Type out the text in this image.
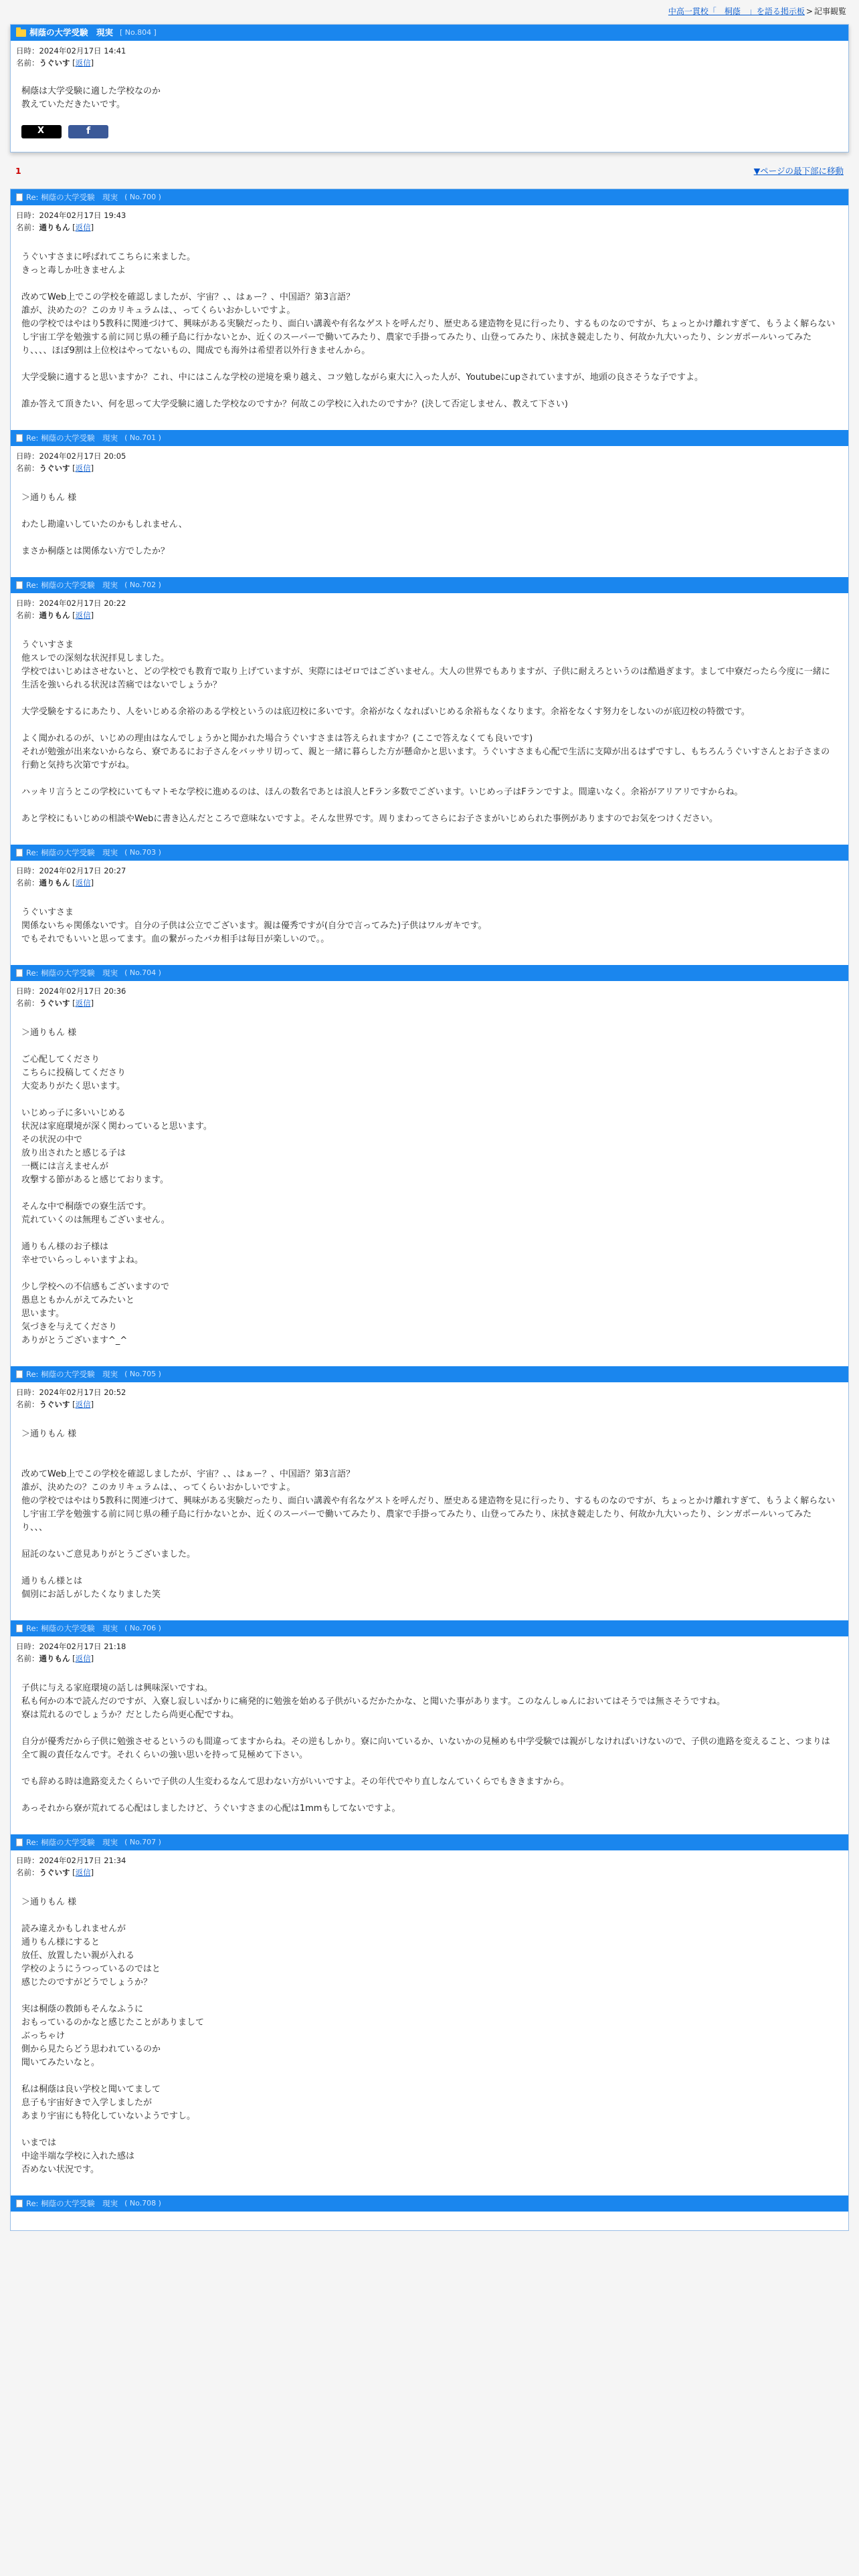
中高一貫校「　桐蔭　」を語る掲示板 > 記事観覧
桐蔭の大学受験　現実 [ No.804 ]
日時：2024年02月17日 14:41
名前：うぐいす [返信]
桐蔭は大学受験に適した学校なのか
教えていただきたいです。
X
f
1	▼ページの最下部に移動
Re: 桐蔭の大学受験　現実 ( No.700 )
日時：2024年02月17日 19:43
名前：通りもん [返信]
うぐいすさまに呼ばれてこちらに来ました。
きっと毒しか吐きませんよ

改めてWeb上でこの学校を確認しましたが、宇宙？、、はぁー？、中国語？第3言語？
誰が、決めたの？このカリキュラムは、、ってくらいおかしいですよ。
他の学校ではやはり5教科に関連づけて、興味がある実験だったり、面白い講義や有名なゲストを呼んだり、歴史ある建造物を見に行ったり、するものなのですが、ちょっとかけ離れすぎて、もうよく解らないし宇宙工学を勉強する前に同じ県の種子島に行かないとか、近くのスーパーで働いてみたり、農家で手掛ってみたり、山登ってみたり、床拭き競走したり、何故か九大いったり、シンガポールいってみたり、、、、ほぼ9割は上位校はやってないもの、聞成でも海外は希望者以外行きませんから。

大学受験に適すると思いますか？これ、中にはこんな学校の逆境を乗り越え、コツ勉しながら東大に入った人が、Youtubeにupされていますが、地頭の良さそうな子ですよ。

誰か答えて頂きたい、何を思って大学受験に適した学校なのですか？何故この学校に入れたのですか？(決して否定しません、教えて下さい)
Re: 桐蔭の大学受験　現実 ( No.701 )
日時：2024年02月17日 20:05
名前：うぐいす [返信]
＞通りもん 様

わたし勘違いしていたのかもしれません、

まさか桐蔭とは関係ない方でしたか？
Re: 桐蔭の大学受験　現実 ( No.702 )
日時：2024年02月17日 20:22
名前：通りもん [返信]
うぐいすさま
他スレでの深刻な状況拝見しました。
学校ではいじめはさせないと、どの学校でも教育で取り上げていますが、実際にはゼロではございません。大人の世界でもありますが、子供に耐えろというのは酷過ぎます。まして中寮だったら今度に一緒に生活を強いられる状況は苦痛ではないでしょうか？

大学受験をするにあたり、人をいじめる余裕のある学校というのは底辺校に多いです。余裕がなくなればいじめる余裕もなくなります。余裕をなくす努力をしないのが底辺校の特徴です。

よく聞かれるのが、いじめの理由はなんでしょうかと聞かれた場合うぐいすさまは答えられますか？(ここで答えなくても良いです)
それが勉強が出来ないからなら、寮であるにお子さんをバッサリ切って、親と一緒に暮らした方が懸命かと思います。うぐいすさまも心配で生活に支障が出るはずですし、もちろんうぐいすさんとお子さまの行動と気持ち次第ですがね。

ハッキリ言うとこの学校にいてもマトモな学校に進めるのは、ほんの数名であとは浪人とFラン多数でございます。いじめっ子はFランですよ。間違いなく。余裕がアリアリですからね。

あと学校にもいじめの相談やWebに書き込んだところで意味ないですよ。そんな世界です。周りまわってさらにお子さまがいじめられた事例がありますのでお気をつけください。
Re: 桐蔭の大学受験　現実 ( No.703 )
日時：2024年02月17日 20:27
名前：通りもん [返信]
うぐいすさま
関係ないちゃ関係ないです。自分の子供は公立でございます。親は優秀ですが(自分で言ってみた)子供はワルガキです。
でもそれでもいいと思ってます。血の繋がったバカ相手は毎日が楽しいので。。
Re: 桐蔭の大学受験　現実 ( No.704 )
日時：2024年02月17日 20:36
名前：うぐいす [返信]
＞通りもん 様

ご心配してくださり
こちらに投稿してくださり
大変ありがたく思います。

いじめっ子に多いいじめる
状況は家庭環境が深く関わっていると思います。
その状況の中で
放り出されたと感じる子は
一概には言えませんが
攻撃する節があると感じております。

そんな中で桐蔭での寮生活です。
荒れていくのは無理もございません。

通りもん様のお子様は
幸せでいらっしゃいますよね。

少し学校への不信感もございますので
愚息ともかんがえてみたいと
思います。
気づきを与えてくださり
ありがとうございます^_^
Re: 桐蔭の大学受験　現実 ( No.705 )
日時：2024年02月17日 20:52
名前：うぐいす [返信]
＞通りもん 様

改めてWeb上でこの学校を確認しましたが、宇宙？、、はぁー？、中国語？第3言語？
誰が、決めたの？このカリキュラムは、、ってくらいおかしいですよ。
他の学校ではやはり5教科に関連づけて、興味がある実験だったり、面白い講義や有名なゲストを呼んだり、歴史ある建造物を見に行ったり、するものなのですが、ちょっとかけ離れすぎて、もうよく解らないし宇宙工学を勉強する前に同じ県の種子島に行かないとか、近くのスーパーで働いてみたり、農家で手掛ってみたり、山登ってみたり、床拭き競走したり、何故か九大いったり、シンガポールいってみたり、、、

屈託のないご意見ありがとうございました。

通りもん様とは
個別にお話しがしたくなりました笑
Re: 桐蔭の大学受験　現実 ( No.706 )
日時：2024年02月17日 21:18
名前：通りもん [返信]
子供に与える家庭環境の話しは興味深いですね。
私も何かの本で読んだのですが、入寮し寂しいばかりに痛発的に勉強を始める子供がいるだかたかな、と聞いた事があります。このなんしゅんにおいてはそうでは無さそうですね。
寮は荒れるのでしょうか？だとしたら尚更心配ですね。

自分が優秀だから子供に勉強させるというのも間違ってますからね。その逆もしかり。寮に向いているか、いないかの見極めも中学受験では親がしなければいけないので、子供の進路を変えること、つまりは全て親の責任なんです。それくらいの強い思いを持って見極めて下さい。

でも辞める時は進路変えたくらいで子供の人生変わるなんて思わない方がいいですよ。その年代でやり直しなんていくらでもききますから。

あっそれから寮が荒れてる心配はしましたけど、うぐいすさまの心配は1mmもしてないですよ。
Re: 桐蔭の大学受験　現実 ( No.707 )
日時：2024年02月17日 21:34
名前：うぐいす [返信]
＞通りもん 様

読み違えかもしれませんが
通りもん様にすると
放任、放置したい親が入れる
学校のようにうつっているのではと
感じたのですがどうでしょうか？

実は桐蔭の教師もそんなふうに
おもっているのかなと感じたことがありまして
ぶっちゃけ
側から見たらどう思われているのか
聞いてみたいなと。

私は桐蔭は良い学校と聞いてまして
息子も宇宙好きで入学しましたが
あまり宇宙にも特化していないようですし。

いまでは
中途半端な学校に入れた感は
否めない状況です。
Re: 桐蔭の大学受験　現実 ( No.708 )
